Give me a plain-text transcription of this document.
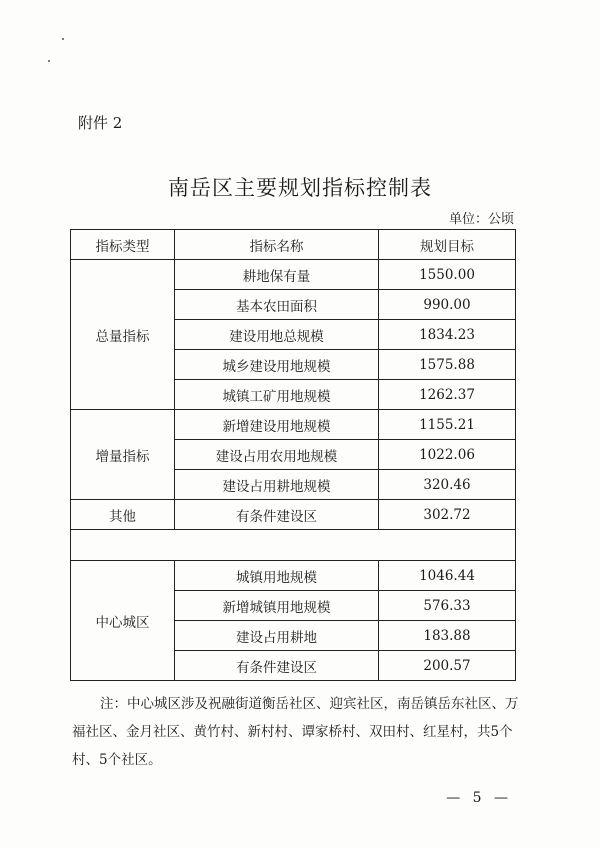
附件 2
南岳区主要规划指标控制表
单位：公顷
指标类型	指标名称	规划目标
总量指标	耕地保有量	1550.00
	基本农田面积	990.00
	建设用地总规模	1834.23
	城乡建设用地规模	1575.88
	城镇工矿用地规模	1262.37
增量指标	新增建设用地规模	1155.21
	建设占用农用地规模	1022.06
	建设占用耕地规模	320.46
其他	有条件建设区	302.72

中心城区	城镇用地规模	1046.44
	新增城镇用地规模	576.33
	建设占用耕地	183.88
	有条件建设区	200.57
注：中心城区涉及祝融街道衡岳社区、迎宾社区，南岳镇岳东社区、万福社区、金月社区、黄竹村、新村村、谭家桥村、双田村、红星村，共5个村、5个社区。
— 5 —
